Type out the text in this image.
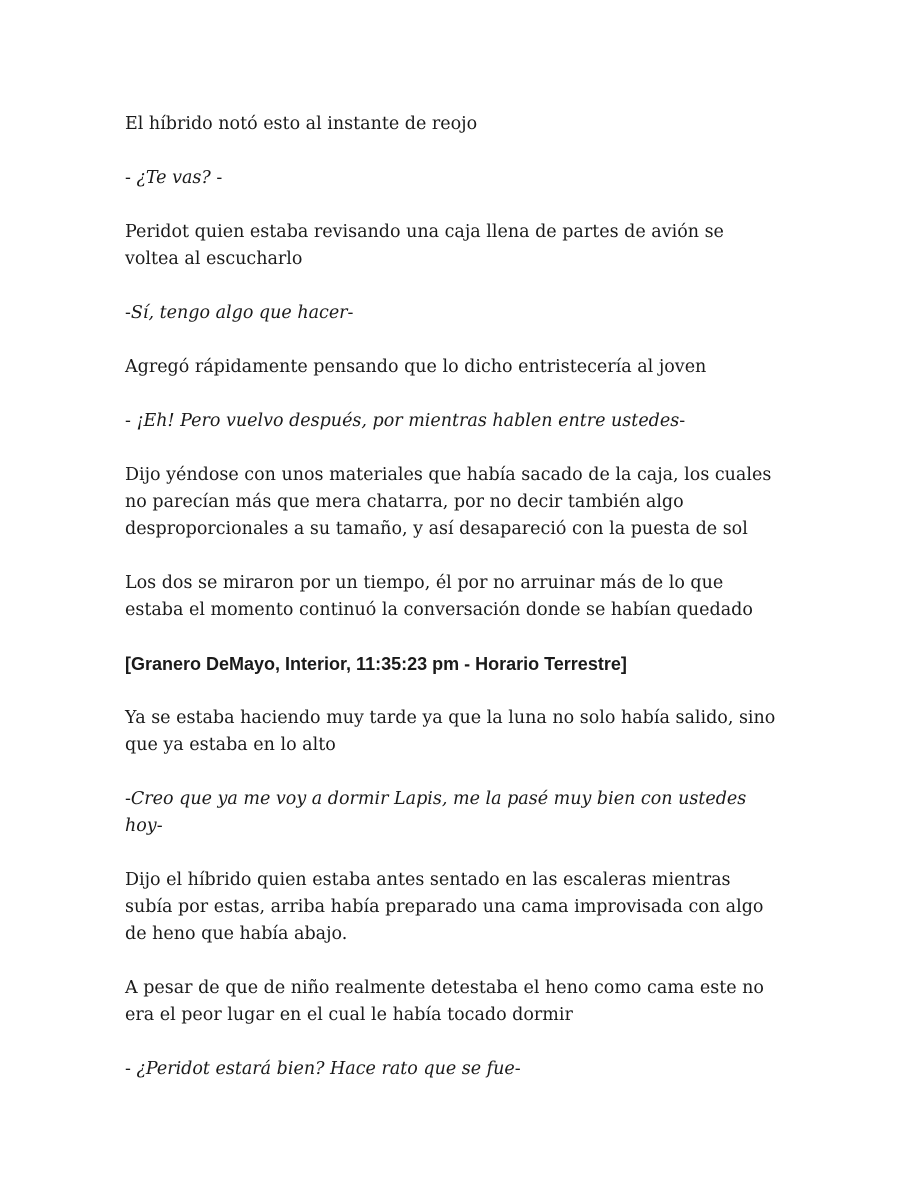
El híbrido notó esto al instante de reojo

- ¿Te vas? -

Peridot quien estaba revisando una caja llena de partes de avión se voltea al escucharlo

-Sí, tengo algo que hacer-

Agregó rápidamente pensando que lo dicho entristecería al joven

- ¡Eh! Pero vuelvo después, por mientras hablen entre ustedes-

Dijo yéndose con unos materiales que había sacado de la caja, los cuales no parecían más que mera chatarra, por no decir también algo desproporcionales a su tamaño, y así desapareció con la puesta de sol

Los dos se miraron por un tiempo, él por no arruinar más de lo que estaba el momento continuó la conversación donde se habían quedado

[Granero DeMayo, Interior, 11:35:23 pm - Horario Terrestre]

Ya se estaba haciendo muy tarde ya que la luna no solo había salido, sino que ya estaba en lo alto

-Creo que ya me voy a dormir Lapis, me la pasé muy bien con ustedes hoy-

Dijo el híbrido quien estaba antes sentado en las escaleras mientras subía por estas, arriba había preparado una cama improvisada con algo de heno que había abajo.

A pesar de que de niño realmente detestaba el heno como cama este no era el peor lugar en el cual le había tocado dormir

- ¿Peridot estará bien? Hace rato que se fue-
